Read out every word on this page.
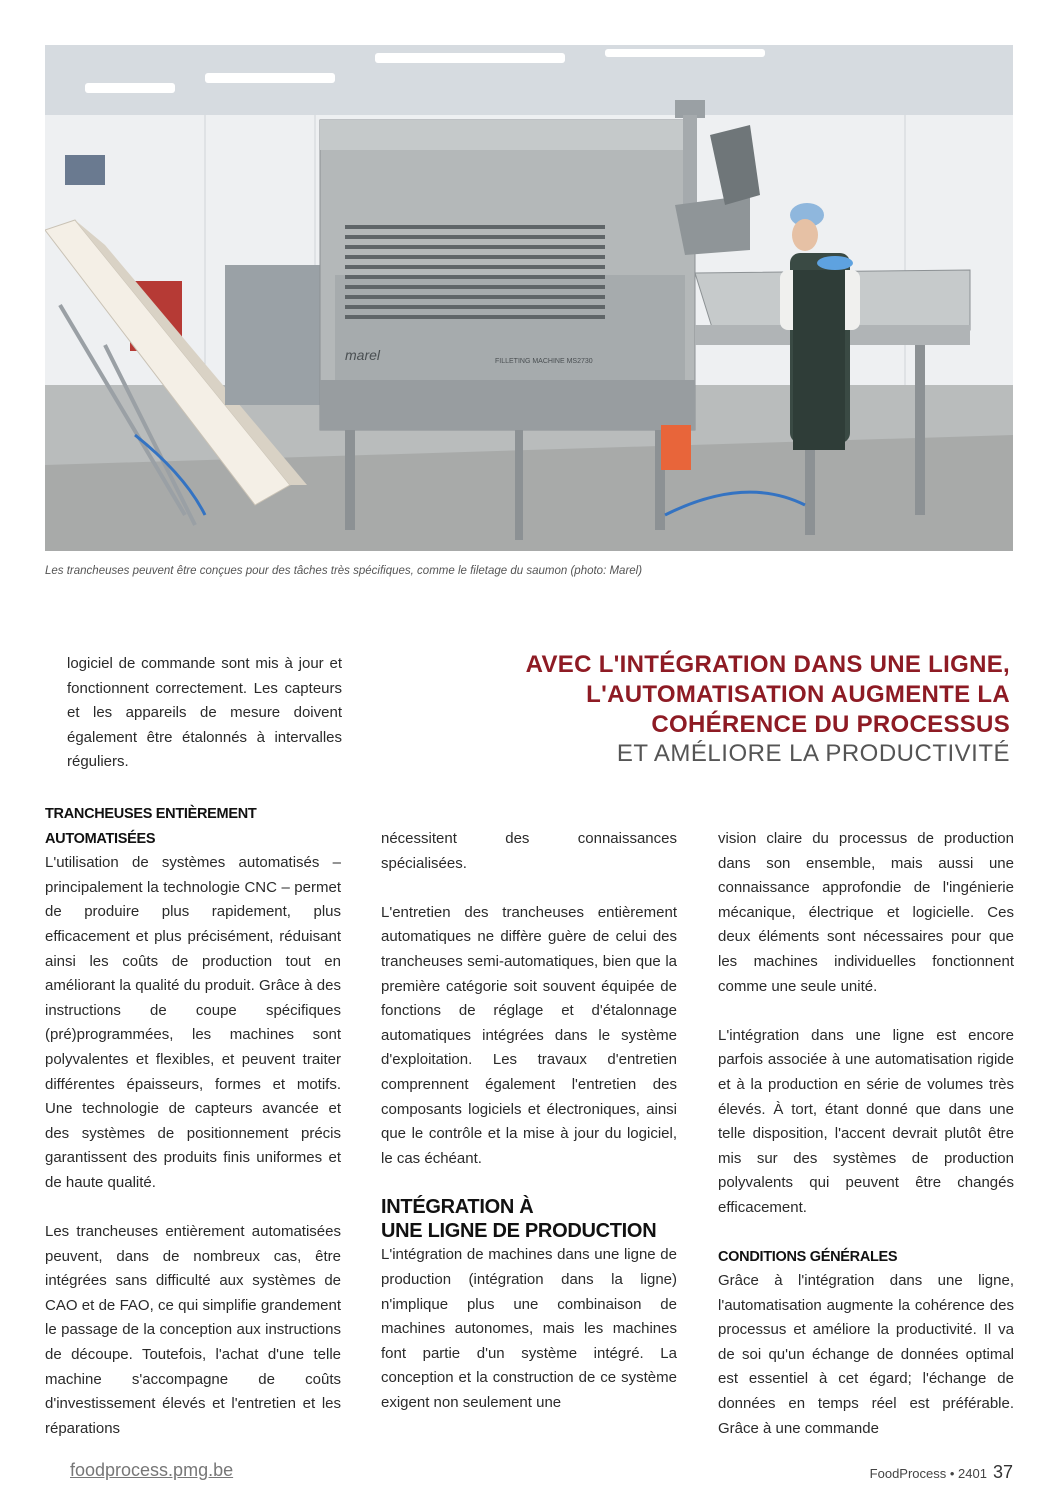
marel	FILLETING MACHINE MS2730
Les trancheuses peuvent être conçues pour des tâches très spécifiques, comme le filetage du saumon (photo: Marel)

logiciel de commande sont mis à jour et fonctionnent correctement. Les capteurs et les appareils de mesure doivent également être étalonnés à intervalles réguliers.

AVEC L'INTÉGRATION DANS UNE LIGNE,
L'AUTOMATISATION AUGMENTE LA
COHÉRENCE DU PROCESSUS
ET AMÉLIORE LA PRODUCTIVITÉ
TRANCHEUSES ENTIÈREMENT
AUTOMATISÉES

L'utilisation de systèmes automatisés – principalement la technologie CNC – permet de produire plus rapidement, plus efficacement et plus précisément, réduisant ainsi les coûts de production tout en améliorant la qualité du produit. Grâce à des instructions de coupe spécifiques (pré)programmées, les machines sont polyvalentes et flexibles, et peuvent traiter différentes épaisseurs, formes et motifs. Une technologie de capteurs avancée et des systèmes de positionnement précis garantissent des produits finis uniformes et de haute qualité.

Les trancheuses entièrement automatisées peuvent, dans de nombreux cas, être intégrées sans difficulté aux systèmes de CAO et de FAO, ce qui simplifie grandement le passage de la conception aux instructions de découpe. Toutefois, l'achat d'une telle machine s'accompagne de coûts d'investissement élevés et l'entretien et les réparations

nécessitent des connaissances spécialisées.

L'entretien des trancheuses entièrement automatiques ne diffère guère de celui des trancheuses semi-automatiques, bien que la première catégorie soit souvent équipée de fonctions de réglage et d'étalonnage automatiques intégrées dans le système d'exploitation. Les travaux d'entretien comprennent également l'entretien des composants logiciels et électroniques, ainsi que le contrôle et la mise à jour du logiciel, le cas échéant.

INTÉGRATION À
UNE LIGNE DE PRODUCTION

L'intégration de machines dans une ligne de production (intégration dans la ligne) n'implique plus une combinaison de machines autonomes, mais les machines font partie d'un système intégré. La conception et la construction de ce système exigent non seulement une

vision claire du processus de production dans son ensemble, mais aussi une connaissance approfondie de l'ingénierie mécanique, électrique et logicielle. Ces deux éléments sont nécessaires pour que les machines individuelles fonctionnent comme une seule unité.

L'intégration dans une ligne est encore parfois associée à une automatisation rigide et à la production en série de volumes très élevés. À tort, étant donné que dans une telle disposition, l'accent devrait plutôt être mis sur des systèmes de production polyvalents qui peuvent être changés efficacement.

CONDITIONS GÉNÉRALES

Grâce à l'intégration dans une ligne, l'automatisation augmente la cohérence des processus et améliore la productivité. Il va de soi qu'un échange de données optimal est essentiel à cet égard; l'échange de données en temps réel est préférable. Grâce à une commande

foodprocess.pmg.be	FoodProcess • 2401 37
